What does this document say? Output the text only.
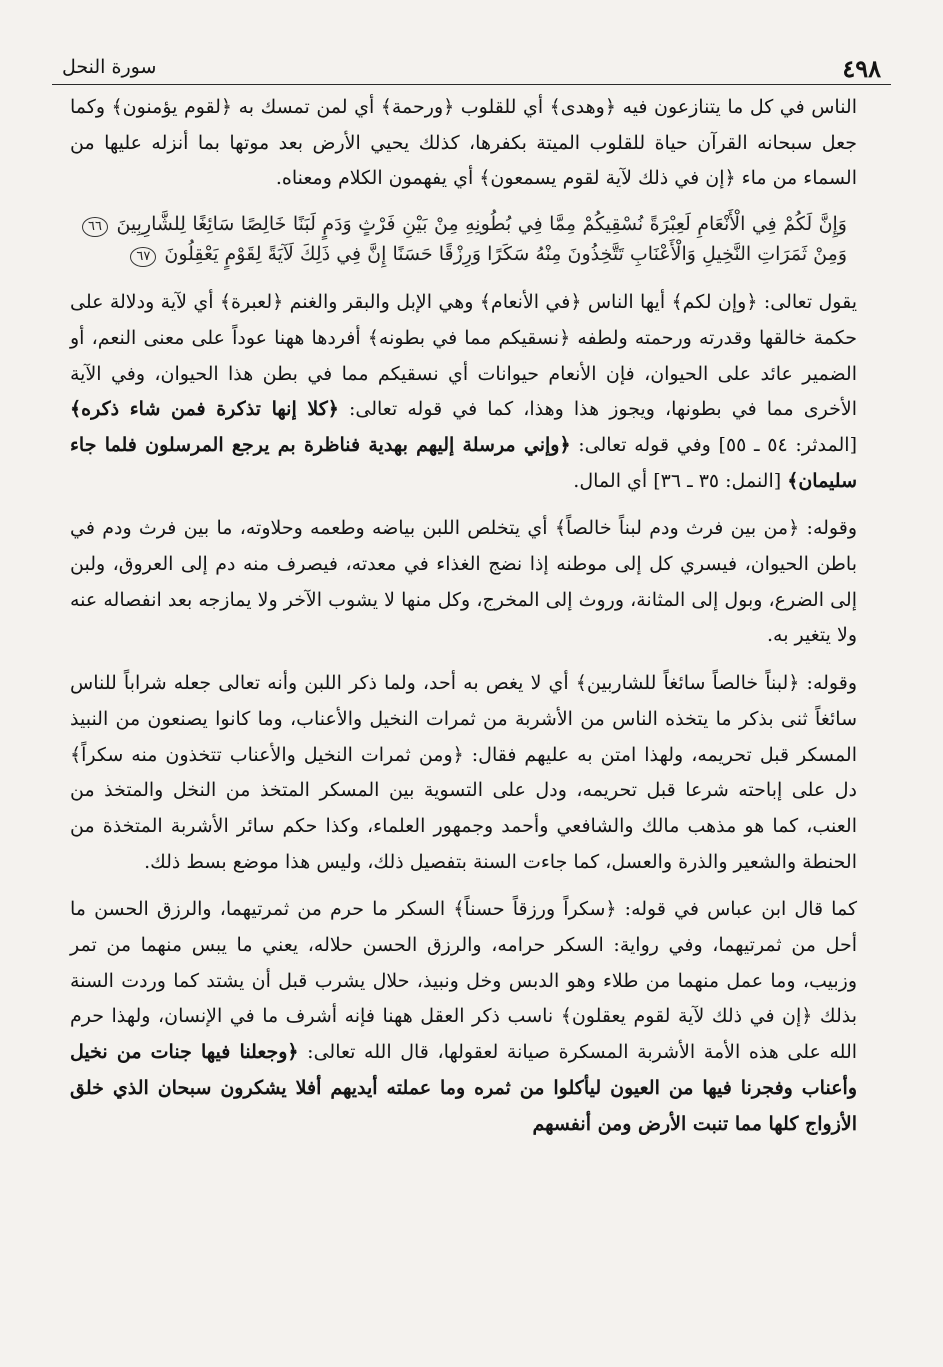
٤٩٨
سورة النحل

الناس في كل ما يتنازعون فيه ﴿وهدى﴾ أي للقلوب ﴿ورحمة﴾ أي لمن تمسك به ﴿لقوم يؤمنون﴾ وكما جعل سبحانه القرآن حياة للقلوب الميتة بكفرها، كذلك يحيي الأرض بعد موتها بما أنزله عليها من السماء من ماء ﴿إن في ذلك لآية لقوم يسمعون﴾ أي يفهمون الكلام ومعناه.

وَإِنَّ لَكُمْ فِي الْأَنْعَامِ لَعِبْرَةً نُسْقِيكُمْ مِمَّا فِي بُطُونِهِ مِنْ بَيْنِ فَرْثٍ وَدَمٍ لَبَنًا خَالِصًا سَائِغًا لِلشَّارِبِينَ ٦٦ وَمِنْ ثَمَرَاتِ النَّخِيلِ وَالْأَعْنَابِ تَتَّخِذُونَ مِنْهُ سَكَرًا وَرِزْقًا حَسَنًا إِنَّ فِي ذَلِكَ لَآيَةً لِقَوْمٍ يَعْقِلُونَ ٦٧

يقول تعالى: ﴿وإن لكم﴾ أيها الناس ﴿في الأنعام﴾ وهي الإبل والبقر والغنم ﴿لعبرة﴾ أي لآية ودلالة على حكمة خالقها وقدرته ورحمته ولطفه ﴿نسقيكم مما في بطونه﴾ أفردها ههنا عوداً على معنى النعم، أو الضمير عائد على الحيوان، فإن الأنعام حيوانات أي نسقيكم مما في بطن هذا الحيوان، وفي الآية الأخرى مما في بطونها، ويجوز هذا وهذا، كما في قوله تعالى: ﴿كلا إنها تذكرة فمن شاء ذكره﴾ [المدثر: ٥٤ ـ ٥٥] وفي قوله تعالى: ﴿وإني مرسلة إليهم بهدية فناظرة بم يرجع المرسلون فلما جاء سليمان﴾ [النمل: ٣٥ ـ ٣٦] أي المال.

وقوله: ﴿من بين فرث ودم لبناً خالصاً﴾ أي يتخلص اللبن بياضه وطعمه وحلاوته، ما بين فرث ودم في باطن الحيوان، فيسري كل إلى موطنه إذا نضج الغذاء في معدته، فيصرف منه دم إلى العروق، ولبن إلى الضرع، وبول إلى المثانة، وروث إلى المخرج، وكل منها لا يشوب الآخر ولا يمازجه بعد انفصاله عنه ولا يتغير به.

وقوله: ﴿لبناً خالصاً سائغاً للشاربين﴾ أي لا يغص به أحد، ولما ذكر اللبن وأنه تعالى جعله شراباً للناس سائغاً ثنى بذكر ما يتخذه الناس من الأشربة من ثمرات النخيل والأعناب، وما كانوا يصنعون من النبيذ المسكر قبل تحريمه، ولهذا امتن به عليهم فقال: ﴿ومن ثمرات النخيل والأعناب تتخذون منه سكراً﴾ دل على إباحته شرعا قبل تحريمه، ودل على التسوية بين المسكر المتخذ من النخل والمتخذ من العنب، كما هو مذهب مالك والشافعي وأحمد وجمهور العلماء، وكذا حكم سائر الأشربة المتخذة من الحنطة والشعير والذرة والعسل، كما جاءت السنة بتفصيل ذلك، وليس هذا موضع بسط ذلك.

كما قال ابن عباس في قوله: ﴿سكراً ورزقاً حسناً﴾ السكر ما حرم من ثمرتيهما، والرزق الحسن ما أحل من ثمرتيهما، وفي رواية: السكر حرامه، والرزق الحسن حلاله، يعني ما يبس منهما من تمر وزبيب، وما عمل منهما من طلاء وهو الدبس وخل ونبيذ، حلال يشرب قبل أن يشتد كما وردت السنة بذلك ﴿إن في ذلك لآية لقوم يعقلون﴾ ناسب ذكر العقل ههنا فإنه أشرف ما في الإنسان، ولهذا حرم الله على هذه الأمة الأشربة المسكرة صيانة لعقولها، قال الله تعالى: ﴿وجعلنا فيها جنات من نخيل وأعناب وفجرنا فيها من العيون ليأكلوا من ثمره وما عملته أيديهم أفلا يشكرون سبحان الذي خلق الأزواج كلها مما تنبت الأرض ومن أنفسهم
